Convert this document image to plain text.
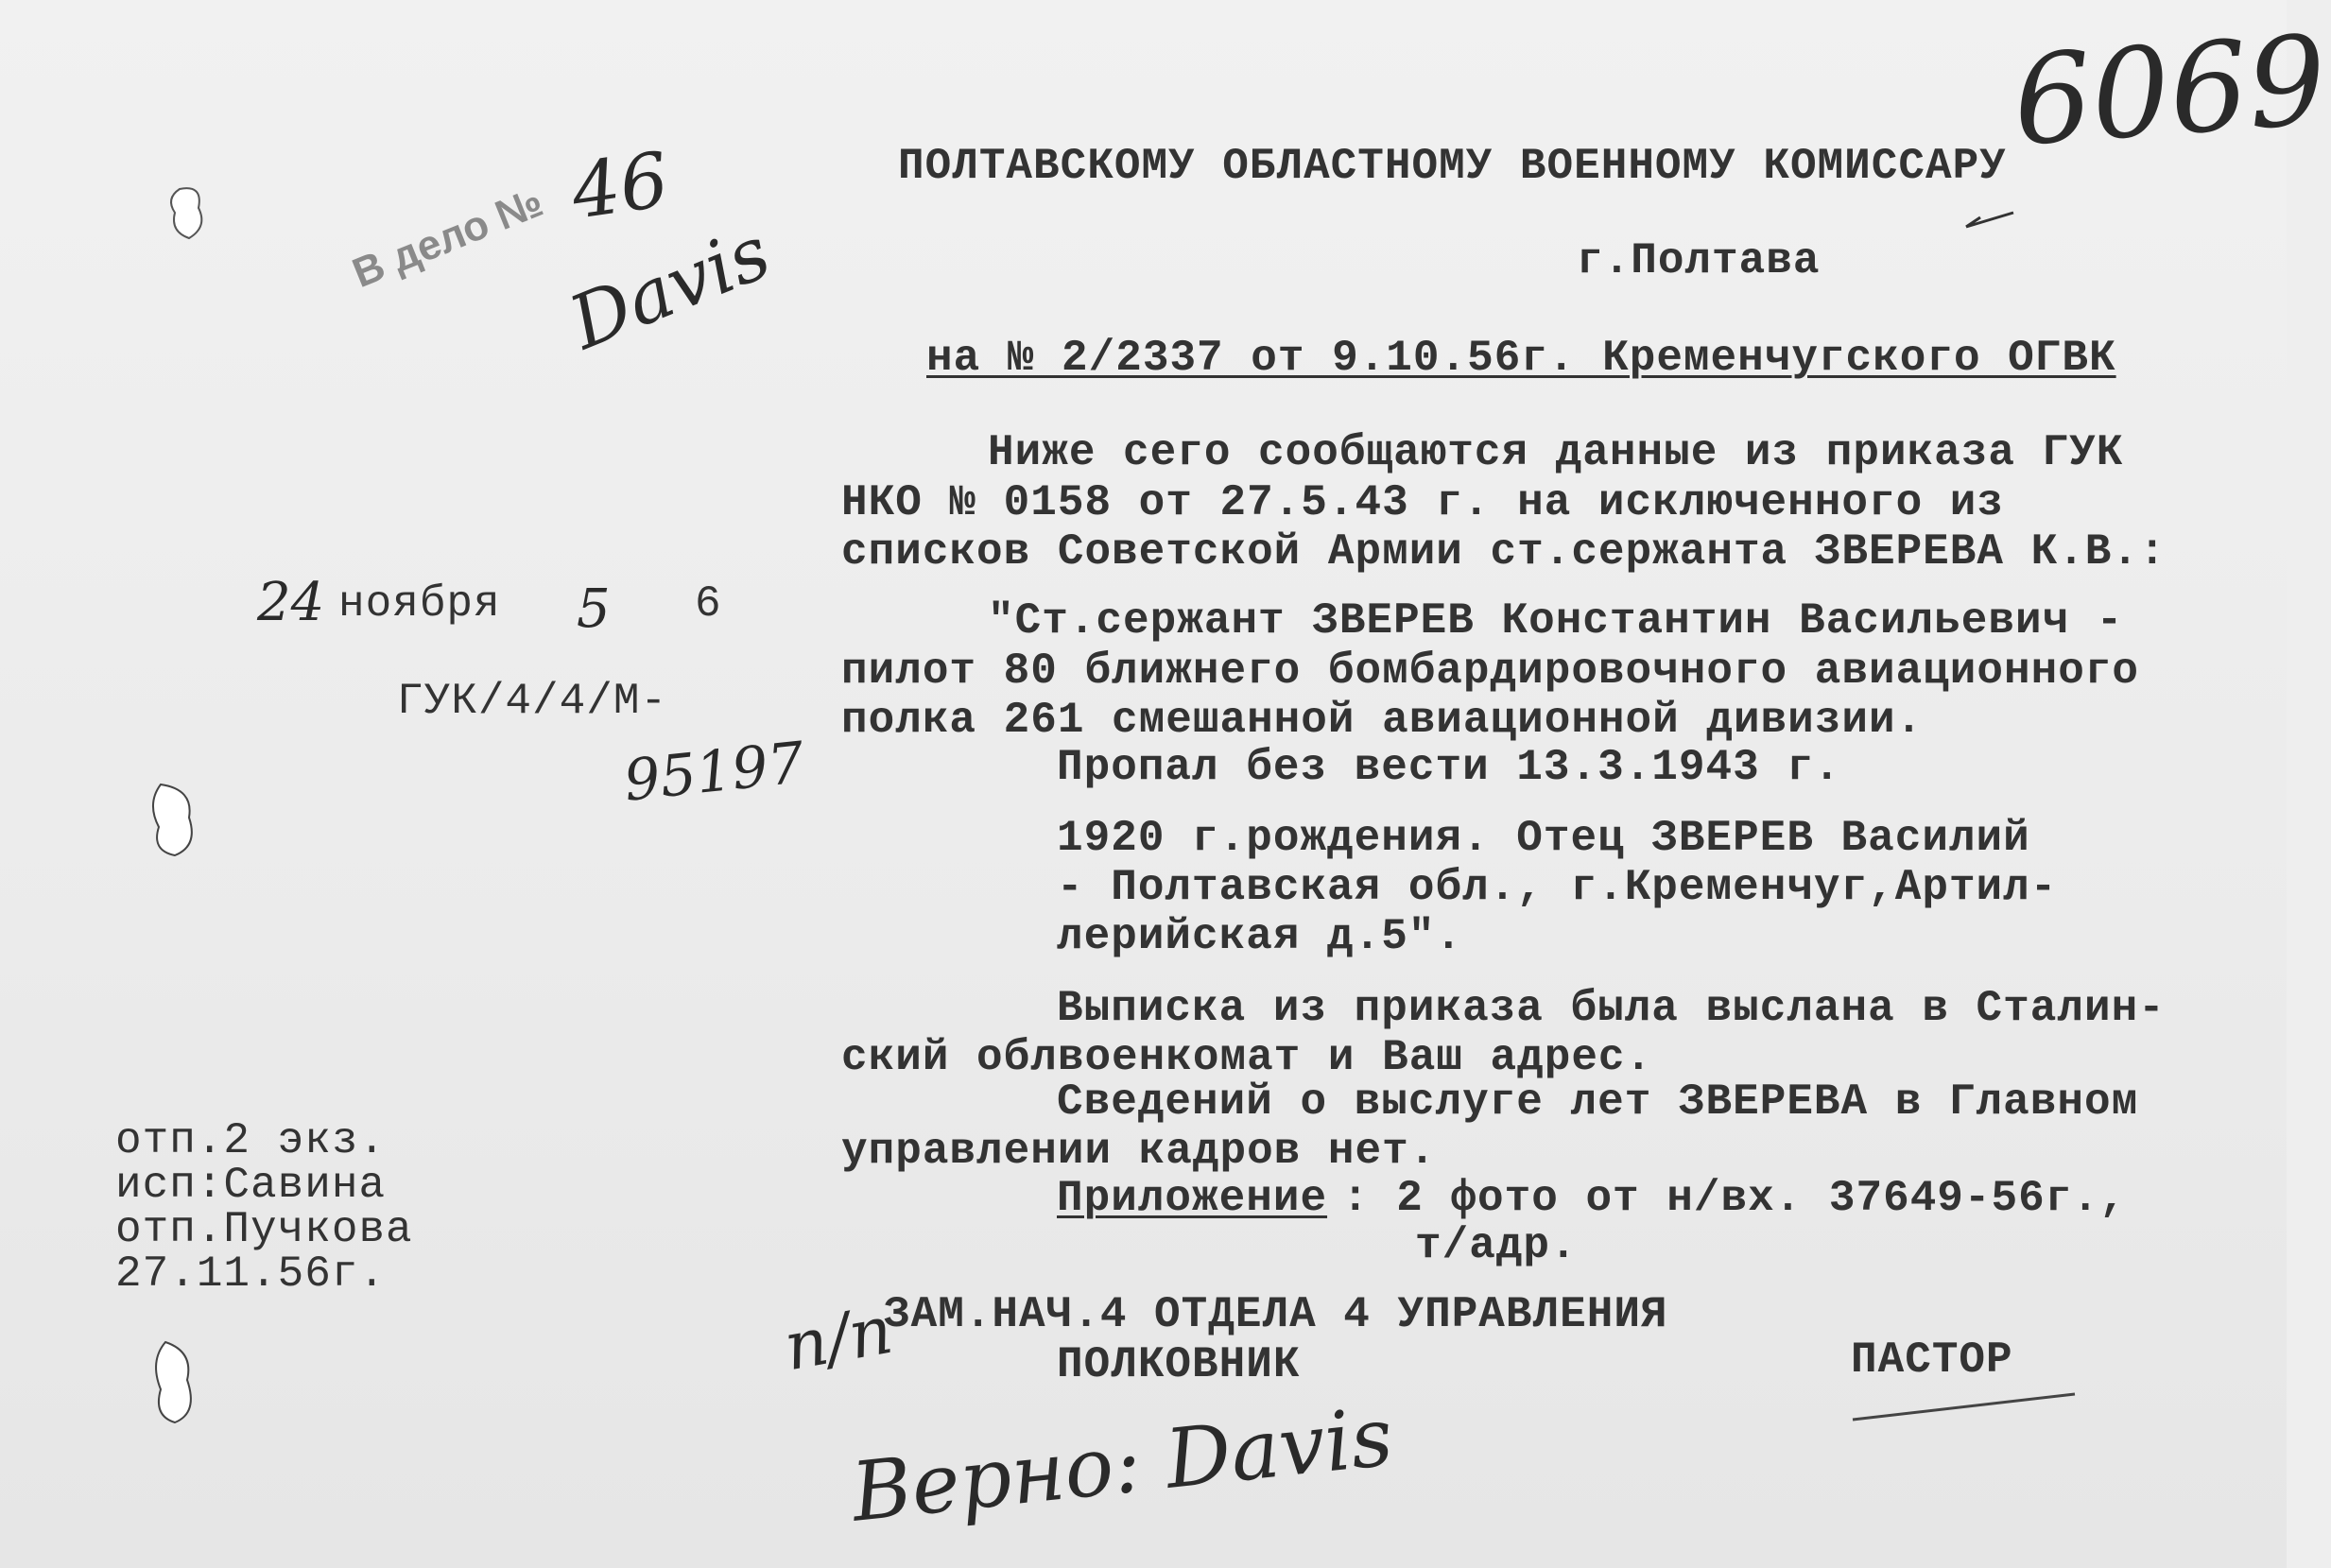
6069
В дело № 46
Davis
ПОЛТАВСКОМУ ОБЛАСТНОМУ ВОЕННОМУ КОМИССАРУ
г.Полтава
на № 2/2337 от 9.10.56г. Кременчугского ОГВК
24 ноября 5 6
ГУК/4/4/М-
95197
Ниже сего сообщаются данные из приказа ГУК
НКО № 0158 от 27.5.43 г. на исключенного из
списков Советской Армии ст.сержанта ЗВЕРЕВА К.В.:
"Ст.сержант ЗВЕРЕВ Константин Васильевич -
пилот 80 ближнего бомбардировочного авиационного
полка 261 смешанной авиационной дивизии.
Пропал без вести 13.3.1943 г.
1920 г.рождения. Отец ЗВЕРЕВ Василий
- Полтавская обл., г.Кременчуг,Артил-
лерийская д.5".
Выписка из приказа была выслана в Сталин-
ский облвоенкомат и Ваш адрес.
Сведений о выслуге лет ЗВЕРЕВА в Главном
управлении кадров нет.
Приложение : 2 фото от н/вх. 37649-56г.,
т/адр.
отп.2 экз.
исп:Савина
отп.Пучкова
27.11.56г.
ЗАМ.НАЧ.4 ОТДЕЛА 4 УПРАВЛЕНИЯ
ПОЛКОВНИК	ПАСТОР
п/п
Верно: Davis
